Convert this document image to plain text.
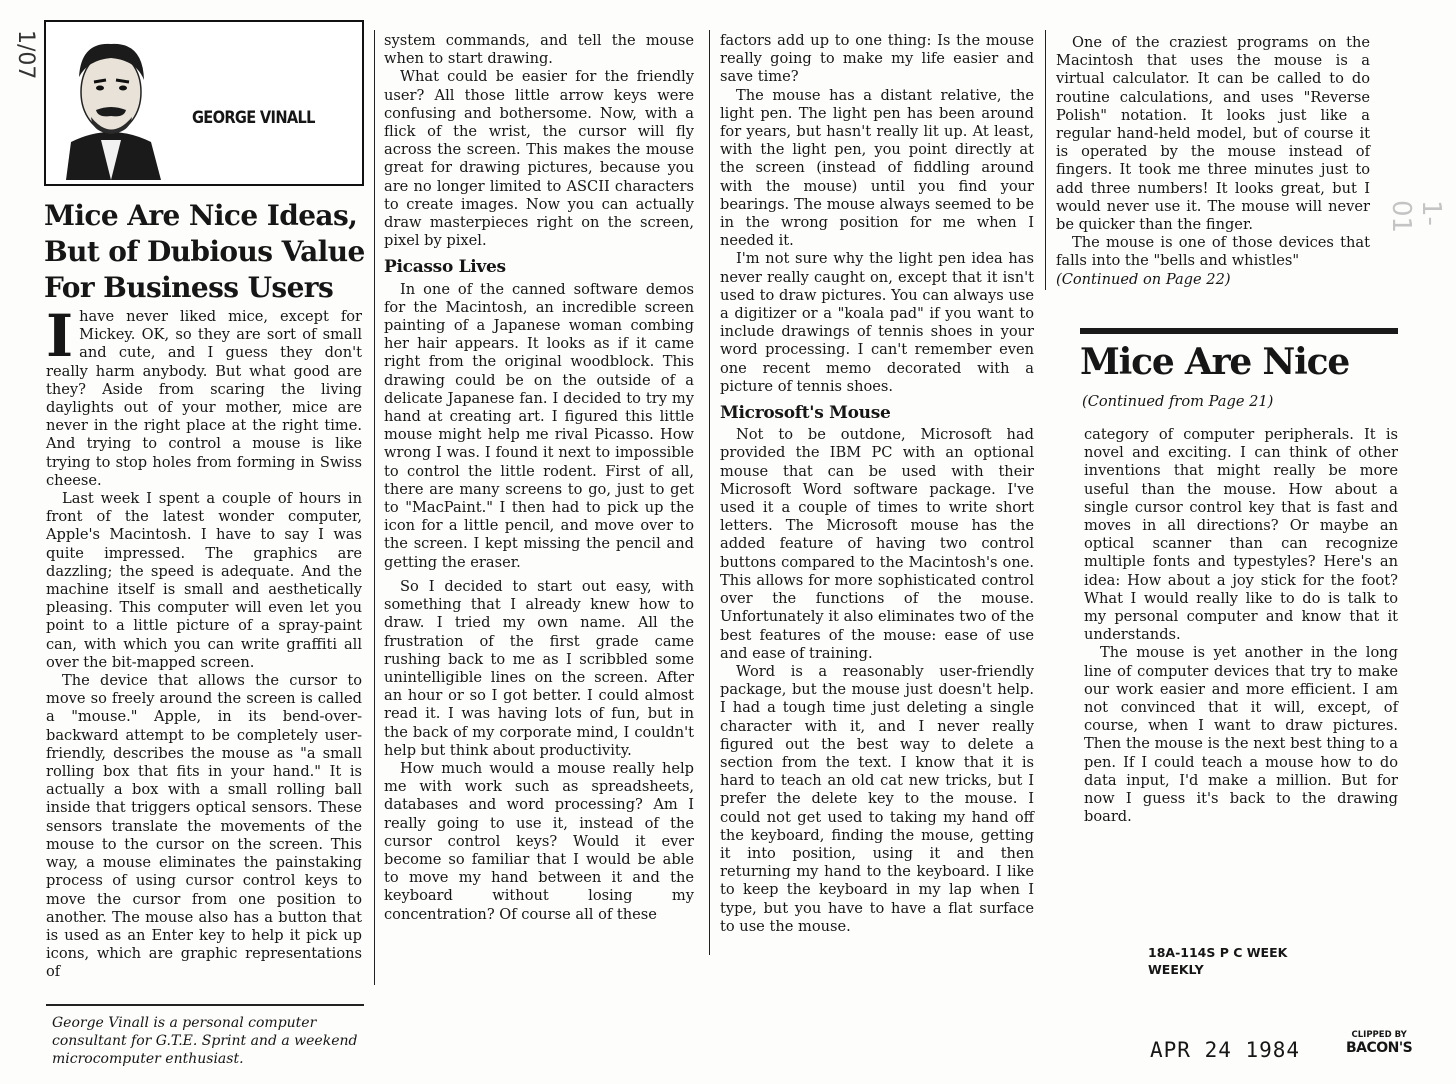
1/07
GEORGE VINALL
Mice Are Nice Ideas,
But of Dubious Value
For Business Users

Ihave never liked mice, except for Mickey. OK, so they are sort of small and cute, and I guess they don't really harm anybody. But what good are they? Aside from scaring the living daylights out of your mother, mice are never in the right place at the right time. And trying to control a mouse is like trying to stop holes from forming in Swiss cheese.

Last week I spent a couple of hours in front of the latest wonder computer, Apple's Macintosh. I have to say I was quite impressed. The graphics are dazzling; the speed is adequate. And the machine itself is small and aesthetically pleasing. This computer will even let you point to a little picture of a spray-paint can, with which you can write graffiti all over the bit-mapped screen.

The device that allows the cursor to move so freely around the screen is called a "mouse." Apple, in its bend-over-backward attempt to be completely user-friendly, describes the mouse as "a small rolling box that fits in your hand." It is actually a box with a small rolling ball inside that triggers optical sensors. These sensors translate the movements of the mouse to the cursor on the screen. This way, a mouse eliminates the painstaking process of using cursor control keys to move the cursor from one position to another. The mouse also has a button that is used as an Enter key to help it pick up icons, which are graphic representations of

George Vinall is a personal computer consultant for G.T.E. Sprint and a weekend microcomputer enthusiast.

system commands, and tell the mouse when to start drawing.

What could be easier for the friendly user? All those little arrow keys were confusing and bothersome. Now, with a flick of the wrist, the cursor will fly across the screen. This makes the mouse great for drawing pictures, because you are no longer limited to ASCII characters to create images. Now you can actually draw masterpieces right on the screen, pixel by pixel.

Picasso Lives

In one of the canned software demos for the Macintosh, an incredible screen painting of a Japanese woman combing her hair appears. It looks as if it came right from the original woodblock. This drawing could be on the outside of a delicate Japanese fan. I decided to try my hand at creating art. I figured this little mouse might help me rival Picasso. How wrong I was. I found it next to impossible to control the little rodent. First of all, there are many screens to go, just to get to "MacPaint." I then had to pick up the icon for a little pencil, and move over to the screen. I kept missing the pencil and getting the eraser.

So I decided to start out easy, with something that I already knew how to draw. I tried my own name. All the frustration of the first grade came rushing back to me as I scribbled some unintelligible lines on the screen. After an hour or so I got better. I could almost read it. I was having lots of fun, but in the back of my corporate mind, I couldn't help but think about productivity.

How much would a mouse really help me with work such as spreadsheets, databases and word processing? Am I really going to use it, instead of the cursor control keys? Would it ever become so familiar that I would be able to move my hand between it and the keyboard without losing my concentration? Of course all of these

factors add up to one thing: Is the mouse really going to make my life easier and save time?

The mouse has a distant relative, the light pen. The light pen has been around for years, but hasn't really lit up. At least, with the light pen, you point directly at the screen (instead of fiddling around with the mouse) until you find your bearings. The mouse always seemed to be in the wrong position for me when I needed it.

I'm not sure why the light pen idea has never really caught on, except that it isn't used to draw pictures. You can always use a digitizer or a "koala pad" if you want to include drawings of tennis shoes in your word processing. I can't remember even one recent memo decorated with a picture of tennis shoes.

Microsoft's Mouse

Not to be outdone, Microsoft had provided the IBM PC with an optional mouse that can be used with their Microsoft Word software package. I've used it a couple of times to write short letters. The Microsoft mouse has the added feature of having two control buttons compared to the Macintosh's one. This allows for more sophisticated control over the functions of the mouse. Unfortunately it also eliminates two of the best features of the mouse: ease of use and ease of training.

Word is a reasonably user-friendly package, but the mouse just doesn't help. I had a tough time just deleting a single character with it, and I never really figured out the best way to delete a section from the text. I know that it is hard to teach an old cat new tricks, but I prefer the delete key to the mouse. I could not get used to taking my hand off the keyboard, finding the mouse, getting it into position, using it and then returning my hand to the keyboard. I like to keep the keyboard in my lap when I type, but you have to have a flat surface to use the mouse.

One of the craziest programs on the Macintosh that uses the mouse is a virtual calculator. It can be called to do routine calculations, and uses "Reverse Polish" notation. It looks just like a regular hand-held model, but of course it is operated by the mouse instead of fingers. It took me three minutes just to add three numbers! It looks great, but I would never use it. The mouse will never be quicker than the finger.

The mouse is one of those devices that falls into the "bells and whistles"

(Continued on Page 22)

Mice Are Nice
(Continued from Page 21)

category of computer peripherals. It is novel and exciting. I can think of other inventions that might really be more useful than the mouse. How about a single cursor control key that is fast and moves in all directions? Or maybe an optical scanner than can recognize multiple fonts and typestyles? Here's an idea: How about a joy stick for the foot? What I would really like to do is talk to my personal computer and know that it understands.

The mouse is yet another in the long line of computer devices that try to make our work easier and more efficient. I am not convinced that it will, except, of course, when I want to draw pictures. Then the mouse is the next best thing to a pen. If I could teach a mouse how to do data input, I'd make a million. But for now I guess it's back to the drawing board.

18A-114S P C WEEK
WEEKLY
APR 24 1984
CLIPPED BY
BACON'S
1-01
